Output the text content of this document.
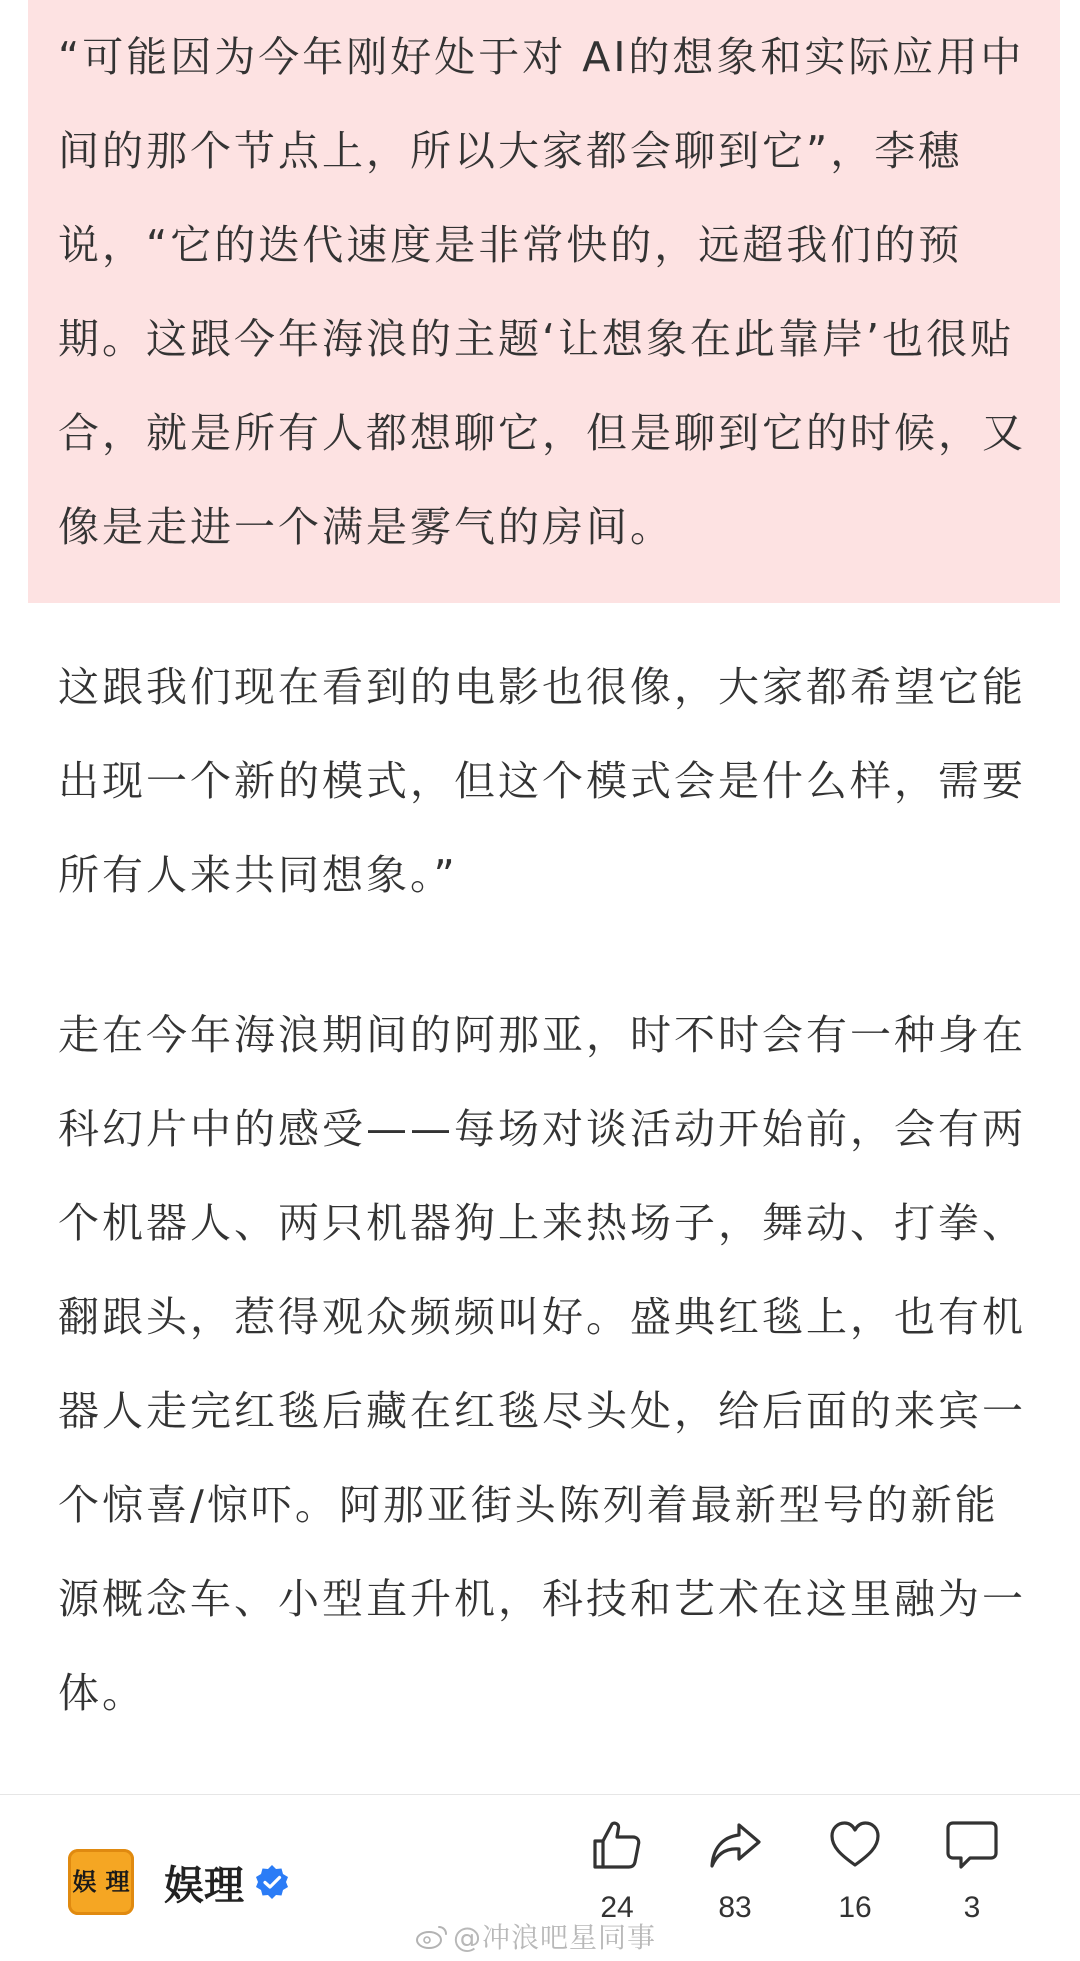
“可能因为今年刚好处于对 AI的想象和实际应用中间的那个节点上，所以大家都会聊到它”，李穗说，“它的迭代速度是非常快的，远超我们的预期。这跟今年海浪的主题‘让想象在此靠岸’也很贴合，就是所有人都想聊它，但是聊到它的时候，又像是走进一个满是雾气的房间。

这跟我们现在看到的电影也很像，大家都希望它能出现一个新的模式，但这个模式会是什么样，需要所有人来共同想象。”

走在今年海浪期间的阿那亚，时不时会有一种身在科幻片中的感受——每场对谈活动开始前，会有两个机器人、两只机器狗上来热场子，舞动、打拳、翻跟头，惹得观众频频叫好。盛典红毯上，也有机器人走完红毯后藏在红毯尽头处，给后面的来宾一个惊喜/惊吓。阿那亚街头陈列着最新型号的新能源概念车、小型直升机，科技和艺术在这里融为一体。

娱 理 娱理	24	83	16	3
@冲浪吧星同事
